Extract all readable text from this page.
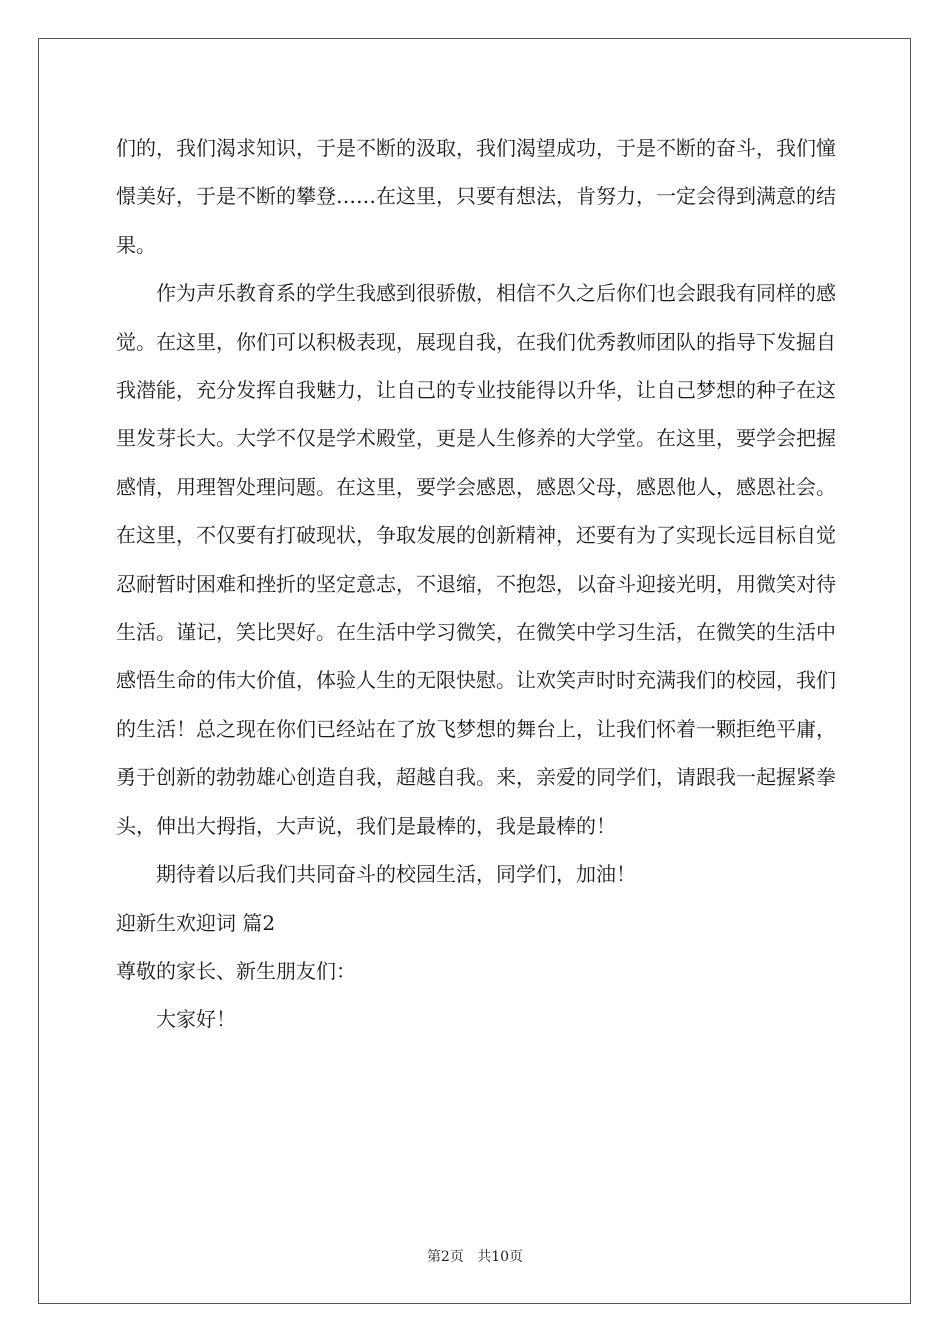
们的，我们渴求知识，于是不断的汲取，我们渴望成功，于是不断的奋斗，我们憧憬美好，于是不断的攀登……在这里，只要有想法，肯努力，一定会得到满意的结果。

作为声乐教育系的学生我感到很骄傲，相信不久之后你们也会跟我有同样的感觉。在这里，你们可以积极表现，展现自我，在我们优秀教师团队的指导下发掘自我潜能，充分发挥自我魅力，让自己的专业技能得以升华，让自己梦想的种子在这里发芽长大。大学不仅是学术殿堂，更是人生修养的大学堂。在这里，要学会把握感情，用理智处理问题。在这里，要学会感恩，感恩父母，感恩他人，感恩社会。在这里，不仅要有打破现状，争取发展的创新精神，还要有为了实现长远目标自觉忍耐暂时困难和挫折的坚定意志，不退缩，不抱怨，以奋斗迎接光明，用微笑对待生活。谨记，笑比哭好。在生活中学习微笑，在微笑中学习生活，在微笑的生活中感悟生命的伟大价值，体验人生的无限快慰。让欢笑声时时充满我们的校园，我们的生活！总之现在你们已经站在了放飞梦想的舞台上，让我们怀着一颗拒绝平庸，勇于创新的勃勃雄心创造自我，超越自我。来，亲爱的同学们，请跟我一起握紧拳头，伸出大拇指，大声说，我们是最棒的，我是最棒的！

期待着以后我们共同奋斗的校园生活，同学们，加油！

迎新生欢迎词 篇2

尊敬的家长、新生朋友们：

大家好！

第2页 共10页
